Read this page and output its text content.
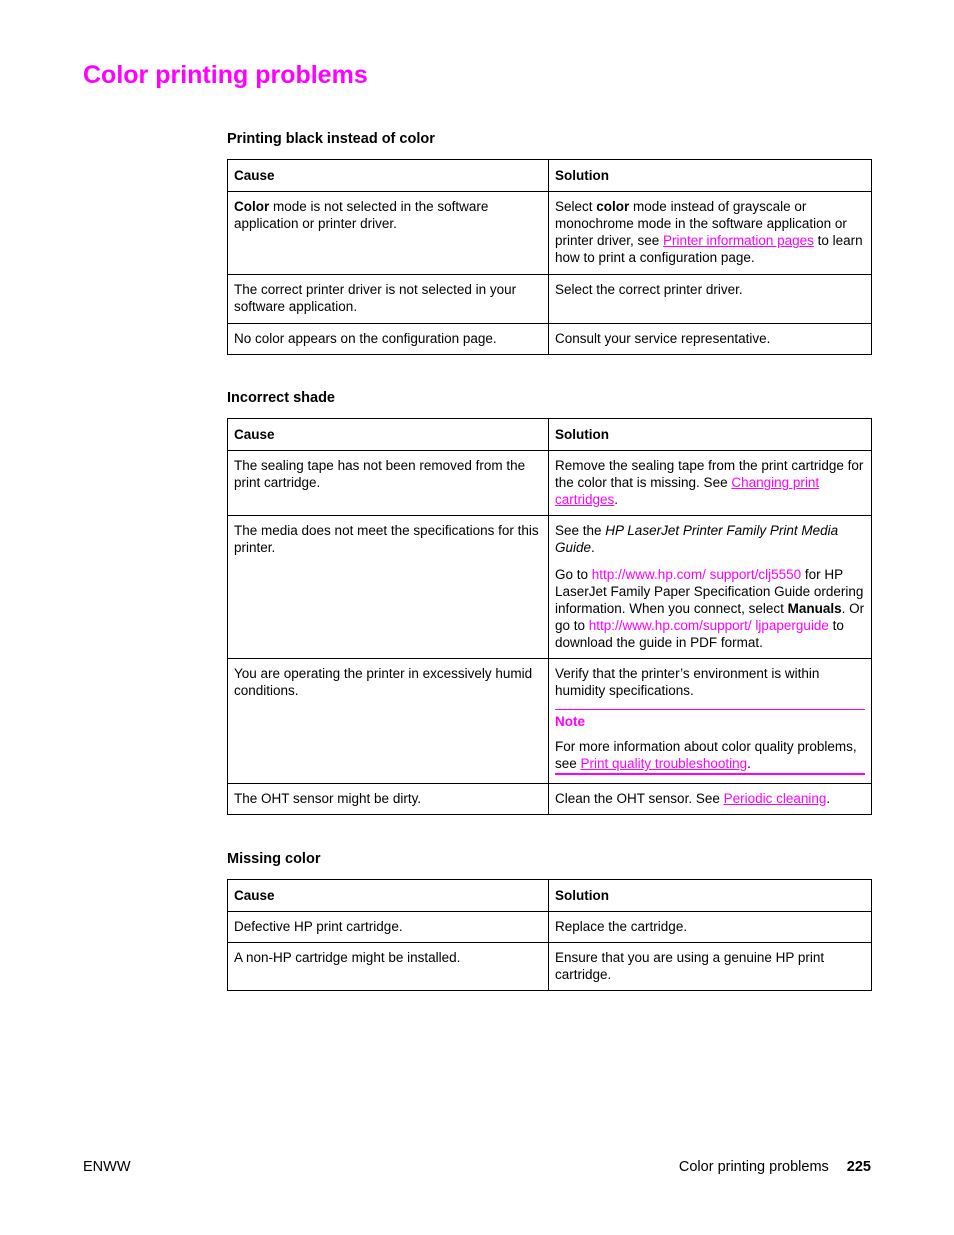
Color printing problems
Printing black instead of color
Cause	Solution
Color mode is not selected in the software application or printer driver.	Select color mode instead of grayscale or monochrome mode in the software application or printer driver, see Printer information pages to learn how to print a configuration page.
The correct printer driver is not selected in your software application.	Select the correct printer driver.
No color appears on the configuration page.	Consult your service representative.
Incorrect shade
Cause	Solution
The sealing tape has not been removed from the print cartridge.	Remove the sealing tape from the print cartridge for the color that is missing. See Changing print cartridges.
The media does not meet the specifications for this printer.	See the HP LaserJet Printer Family Print Media Guide.

Go to http://www.hp.com/ support/clj5550 for HP LaserJet Family Paper Specification Guide ordering information. When you connect, select Manuals. Or go to http://www.hp.com/support/ ljpaperguide to download the guide in PDF format.

You are operating the printer in excessively humid conditions.	Verify that the printer’s environment is within humidity specifications.

Note

For more information about color quality problems, see Print quality troubleshooting.

The OHT sensor might be dirty.	Clean the OHT sensor. See Periodic cleaning.
Missing color
Cause	Solution
Defective HP print cartridge.	Replace the cartridge.
A non-HP cartridge might be installed.	Ensure that you are using a genuine HP print cartridge.
ENWW	Color printing problems 225
